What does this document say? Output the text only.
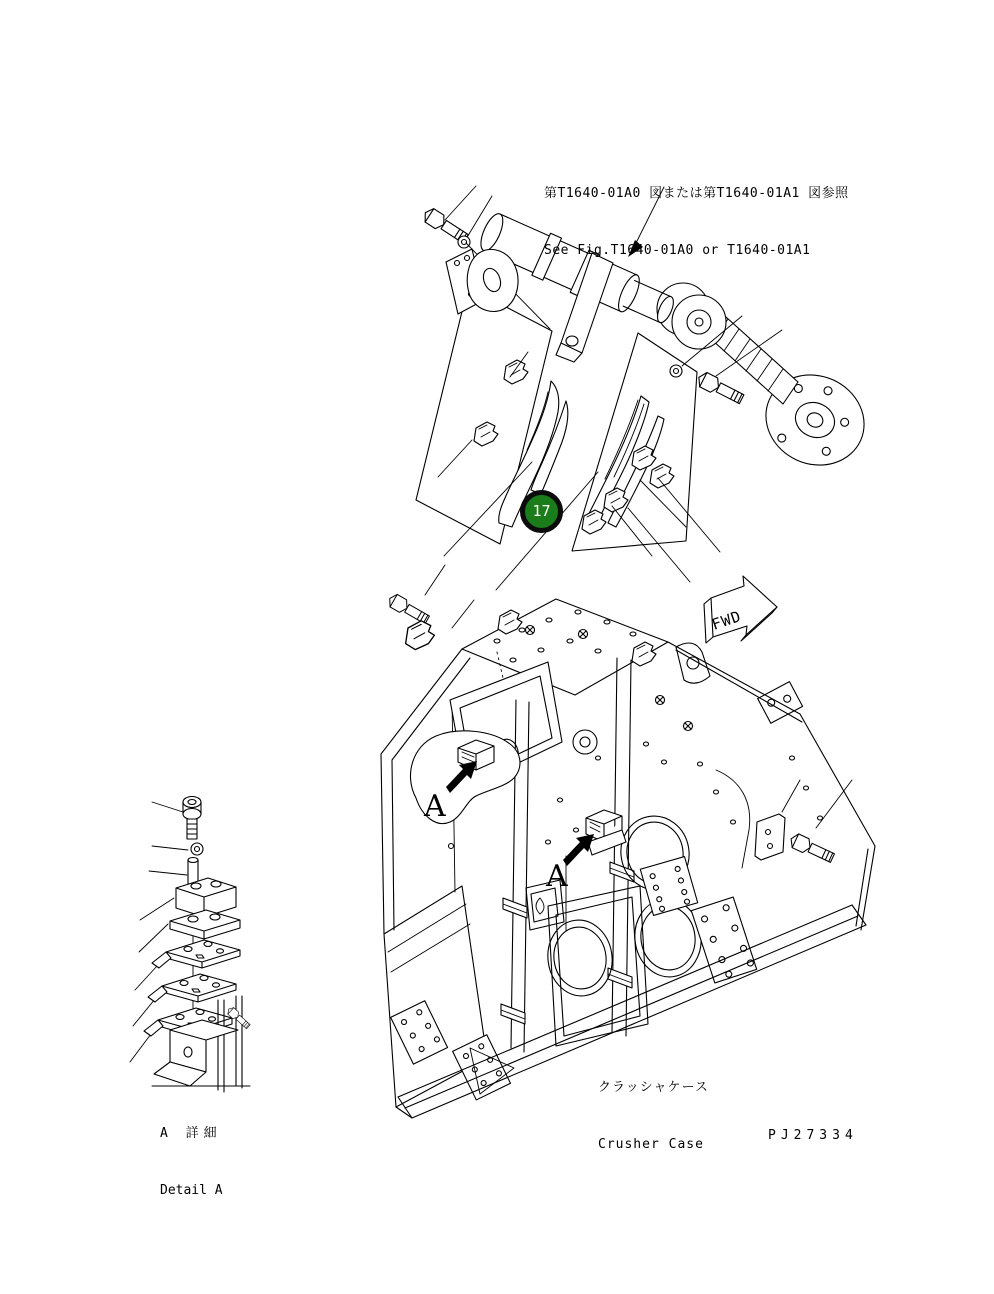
FWD
A
A

第T1640-01A0 図または第T1640-01A1 図参照

See Fig.T1640-01A0 or T1640-01A1

17

クラッシャケース

Crusher Case

A 詳細

Detail A

PJ27334
